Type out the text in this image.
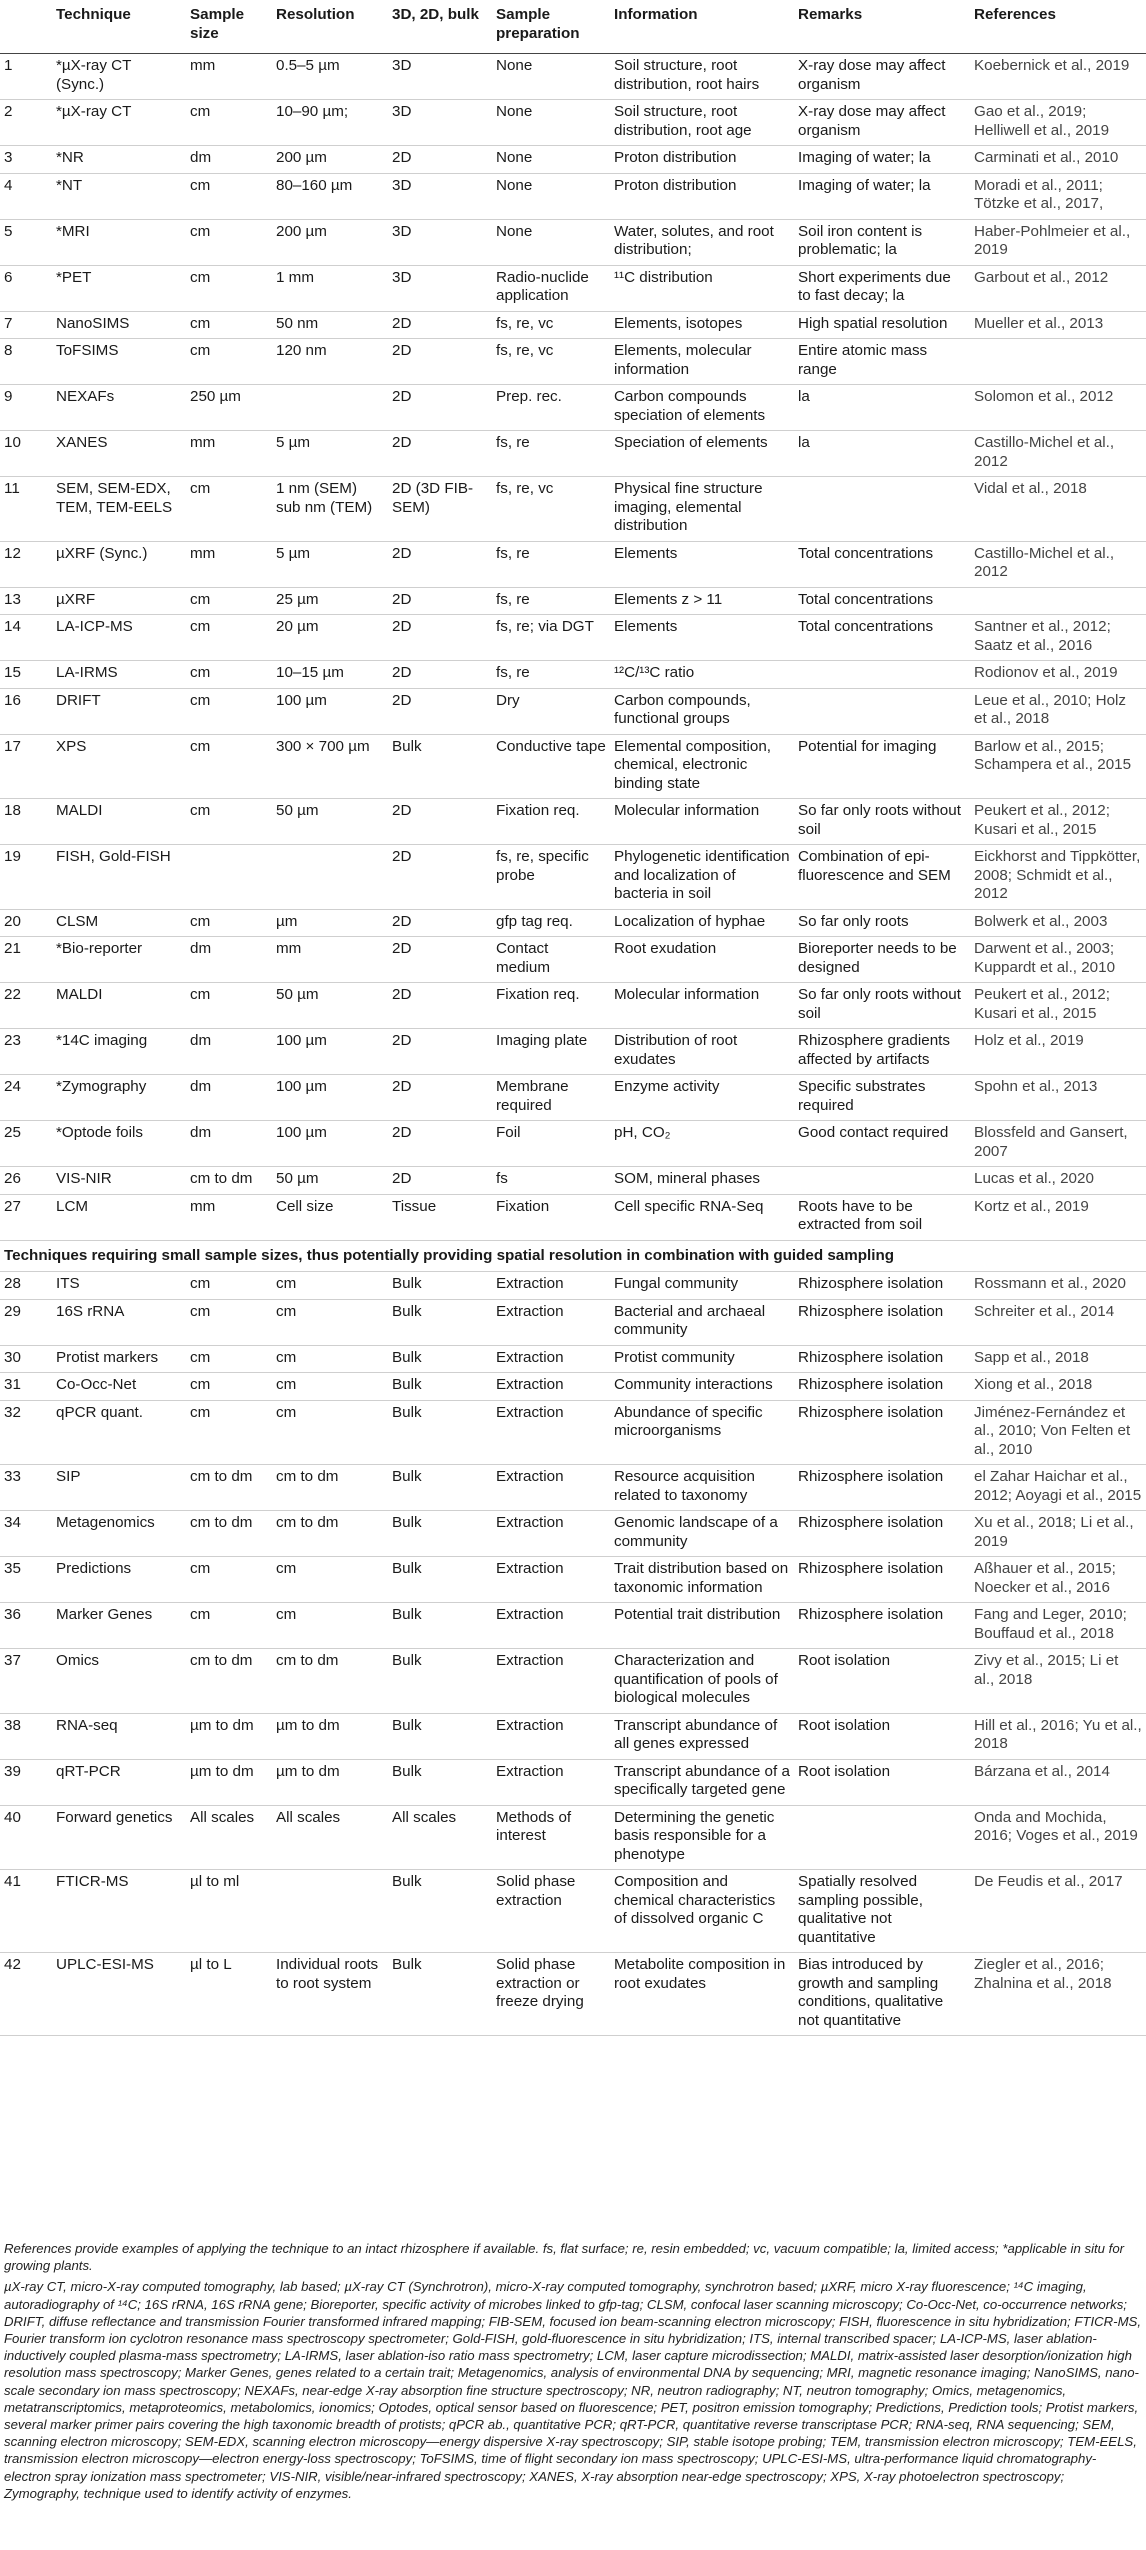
	Technique	Sample size	Resolution	3D, 2D, bulk	Sample preparation	Information	Remarks	References
1	*µX-ray CT (Sync.)	mm	0.5–5 µm	3D	None	Soil structure, root distribution, root hairs	X-ray dose may affect organism	Koebernick et al., 2019
2	*µX-ray CT	cm	10–90 µm;	3D	None	Soil structure, root distribution, root age	X-ray dose may affect organism	Gao et al., 2019; Helliwell et al., 2019
3	*NR	dm	200 µm	2D	None	Proton distribution	Imaging of water; la	Carminati et al., 2010
4	*NT	cm	80–160 µm	3D	None	Proton distribution	Imaging of water; la	Moradi et al., 2011; Tötzke et al., 2017,
5	*MRI	cm	200 µm	3D	None	Water, solutes, and root distribution;	Soil iron content is problematic; la	Haber-Pohlmeier et al., 2019
6	*PET	cm	1 mm	3D	Radio-nuclide application	¹¹C distribution	Short experiments due to fast decay; la	Garbout et al., 2012
7	NanoSIMS	cm	50 nm	2D	fs, re, vc	Elements, isotopes	High spatial resolution	Mueller et al., 2013
8	ToFSIMS	cm	120 nm	2D	fs, re, vc	Elements, molecular information	Entire atomic mass range	
9	NEXAFs	250 µm		2D	Prep. rec.	Carbon compounds speciation of elements	la	Solomon et al., 2012
10	XANES	mm	5 µm	2D	fs, re	Speciation of elements	la	Castillo-Michel et al., 2012
11	SEM, SEM-EDX, TEM, TEM-EELS	cm	1 nm (SEM) sub nm (TEM)	2D (3D FIB-SEM)	fs, re, vc	Physical fine structure imaging, elemental distribution		Vidal et al., 2018
12	µXRF (Sync.)	mm	5 µm	2D	fs, re	Elements	Total concentrations	Castillo-Michel et al., 2012
13	µXRF	cm	25 µm	2D	fs, re	Elements z > 11	Total concentrations	
14	LA-ICP-MS	cm	20 µm	2D	fs, re; via DGT	Elements	Total concentrations	Santner et al., 2012; Saatz et al., 2016
15	LA-IRMS	cm	10–15 µm	2D	fs, re	¹²C/¹³C ratio		Rodionov et al., 2019
16	DRIFT	cm	100 µm	2D	Dry	Carbon compounds, functional groups		Leue et al., 2010; Holz et al., 2018
17	XPS	cm	300 × 700 µm	Bulk	Conductive tape	Elemental composition, chemical, electronic binding state	Potential for imaging	Barlow et al., 2015; Schampera et al., 2015
18	MALDI	cm	50 µm	2D	Fixation req.	Molecular information	So far only roots without soil	Peukert et al., 2012; Kusari et al., 2015
19	FISH, Gold-FISH			2D	fs, re, specific probe	Phylogenetic identification and localization of bacteria in soil	Combination of epi-fluorescence and SEM	Eickhorst and Tippkötter, 2008; Schmidt et al., 2012
20	CLSM	cm	µm	2D	gfp tag req.	Localization of hyphae	So far only roots	Bolwerk et al., 2003
21	*Bio-reporter	dm	mm	2D	Contact medium	Root exudation	Bioreporter needs to be designed	Darwent et al., 2003; Kuppardt et al., 2010
22	MALDI	cm	50 µm	2D	Fixation req.	Molecular information	So far only roots without soil	Peukert et al., 2012; Kusari et al., 2015
23	*14C imaging	dm	100 µm	2D	Imaging plate	Distribution of root exudates	Rhizosphere gradients affected by artifacts	Holz et al., 2019
24	*Zymography	dm	100 µm	2D	Membrane required	Enzyme activity	Specific substrates required	Spohn et al., 2013
25	*Optode foils	dm	100 µm	2D	Foil	pH, CO₂	Good contact required	Blossfeld and Gansert, 2007
26	VIS-NIR	cm to dm	50 µm	2D	fs	SOM, mineral phases		Lucas et al., 2020
27	LCM	mm	Cell size	Tissue	Fixation	Cell specific RNA-Seq	Roots have to be extracted from soil	Kortz et al., 2019
Techniques requiring small sample sizes, thus potentially providing spatial resolution in combination with guided sampling								
28	ITS	cm	cm	Bulk	Extraction	Fungal community	Rhizosphere isolation	Rossmann et al., 2020
29	16S rRNA	cm	cm	Bulk	Extraction	Bacterial and archaeal community	Rhizosphere isolation	Schreiter et al., 2014
30	Protist markers	cm	cm	Bulk	Extraction	Protist community	Rhizosphere isolation	Sapp et al., 2018
31	Co-Occ-Net	cm	cm	Bulk	Extraction	Community interactions	Rhizosphere isolation	Xiong et al., 2018
32	qPCR quant.	cm	cm	Bulk	Extraction	Abundance of specific microorganisms	Rhizosphere isolation	Jiménez-Fernández et al., 2010; Von Felten et al., 2010
33	SIP	cm to dm	cm to dm	Bulk	Extraction	Resource acquisition related to taxonomy	Rhizosphere isolation	el Zahar Haichar et al., 2012; Aoyagi et al., 2015
34	Metagenomics	cm to dm	cm to dm	Bulk	Extraction	Genomic landscape of a community	Rhizosphere isolation	Xu et al., 2018; Li et al., 2019
35	Predictions	cm	cm	Bulk	Extraction	Trait distribution based on taxonomic information	Rhizosphere isolation	Aßhauer et al., 2015; Noecker et al., 2016
36	Marker Genes	cm	cm	Bulk	Extraction	Potential trait distribution	Rhizosphere isolation	Fang and Leger, 2010; Bouffaud et al., 2018
37	Omics	cm to dm	cm to dm	Bulk	Extraction	Characterization and quantification of pools of biological molecules	Root isolation	Zivy et al., 2015; Li et al., 2018
38	RNA-seq	µm to dm	µm to dm	Bulk	Extraction	Transcript abundance of all genes expressed	Root isolation	Hill et al., 2016; Yu et al., 2018
39	qRT-PCR	µm to dm	µm to dm	Bulk	Extraction	Transcript abundance of a specifically targeted gene	Root isolation	Bárzana et al., 2014
40	Forward genetics	All scales	All scales	All scales	Methods of interest	Determining the genetic basis responsible for a phenotype		Onda and Mochida, 2016; Voges et al., 2019
41	FTICR-MS	µl to ml		Bulk	Solid phase extraction	Composition and chemical characteristics of dissolved organic C	Spatially resolved sampling possible, qualitative not quantitative	De Feudis et al., 2017
42	UPLC-ESI-MS	µl to L	Individual roots to root system	Bulk	Solid phase extraction or freeze drying	Metabolite composition in root exudates	Bias introduced by growth and sampling conditions, qualitative not quantitative	Ziegler et al., 2016; Zhalnina et al., 2018

References provide examples of applying the technique to an intact rhizosphere if available. fs, flat surface; re, resin embedded; vc, vacuum compatible; la, limited access; *applicable in situ for growing plants.

µX-ray CT, micro-X-ray computed tomography, lab based; µX-ray CT (Synchrotron), micro-X-ray computed tomography, synchrotron based; µXRF, micro X-ray fluorescence; ¹⁴C imaging, autoradiography of ¹⁴C; 16S rRNA, 16S rRNA gene; Bioreporter, specific activity of microbes linked to gfp-tag; CLSM, confocal laser scanning microscopy; Co-Occ-Net, co-occurrence networks; DRIFT, diffuse reflectance and transmission Fourier transformed infrared mapping; FIB-SEM, focused ion beam-scanning electron microscopy; FISH, fluorescence in situ hybridization; FTICR-MS, Fourier transform ion cyclotron resonance mass spectroscopy spectrometer; Gold-FISH, gold-fluorescence in situ hybridization; ITS, internal transcribed spacer; LA-ICP-MS, laser ablation-inductively coupled plasma-mass spectrometry; LA-IRMS, laser ablation-iso ratio mass spectrometry; LCM, laser capture microdissection; MALDI, matrix-assisted laser desorption/ionization high resolution mass spectroscopy; Marker Genes, genes related to a certain trait; Metagenomics, analysis of environmental DNA by sequencing; MRI, magnetic resonance imaging; NanoSIMS, nano-scale secondary ion mass spectroscopy; NEXAFs, near-edge X-ray absorption fine structure spectroscopy; NR, neutron radiography; NT, neutron tomography; Omics, metagenomics, metatranscriptomics, metaproteomics, metabolomics, ionomics; Optodes, optical sensor based on fluorescence; PET, positron emission tomography; Predictions, Prediction tools; Protist markers, several marker primer pairs covering the high taxonomic breadth of protists; qPCR ab., quantitative PCR; qRT-PCR, quantitative reverse transcriptase PCR; RNA-seq, RNA sequencing; SEM, scanning electron microscopy; SEM-EDX, scanning electron microscopy—energy dispersive X-ray spectroscopy; SIP, stable isotope probing; TEM, transmission electron microscopy; TEM-EELS, transmission electron microscopy—electron energy-loss spectroscopy; ToFSIMS, time of flight secondary ion mass spectroscopy; UPLC-ESI-MS, ultra-performance liquid chromatography-electron spray ionization mass spectrometer; VIS-NIR, visible/near-infrared spectroscopy; XANES, X-ray absorption near-edge spectroscopy; XPS, X-ray photoelectron spectroscopy; Zymography, technique used to identify activity of enzymes.
